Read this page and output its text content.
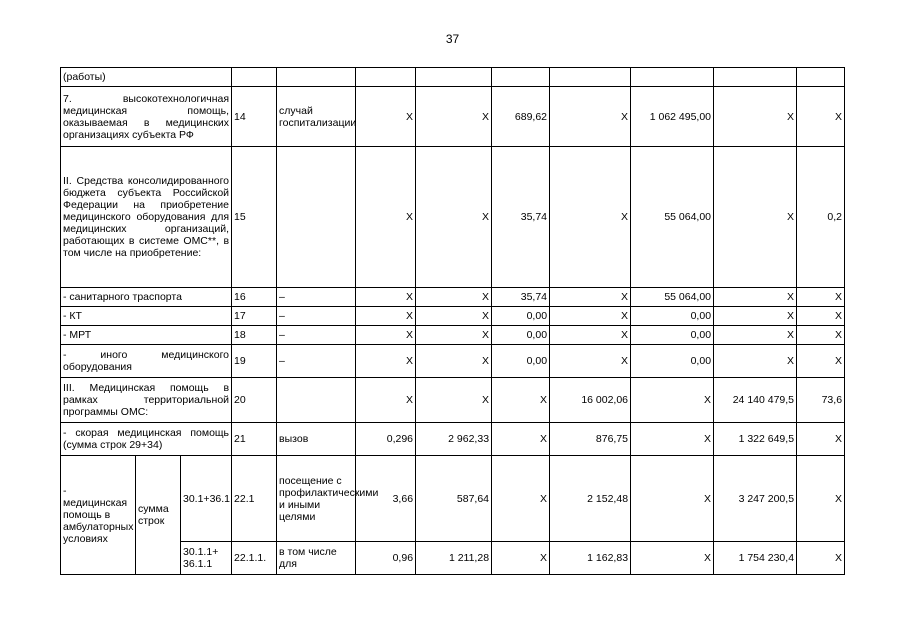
37
(работы)											
7. высокотехнологичная медицинская помощь, оказываемая в медицинских организациях субъекта РФ			14	случай госпитализации	Х	Х	689,62	Х	1 062 495,00	Х	Х
II. Средства консолидированного бюджета субъекта Российской Федерации на приобретение медицинского оборудования для медицинских организаций, работающих в системе ОМС**, в том числе на приобретение:			15		Х	Х	35,74	Х	55 064,00	Х	0,2
- санитарного траспорта			16	–	Х	Х	35,74	Х	55 064,00	Х	Х
- КТ			17	–	Х	Х	0,00	Х	0,00	Х	Х
- МРТ			18	–	Х	Х	0,00	Х	0,00	Х	Х
- иного медицинского оборудования			19	–	Х	Х	0,00	Х	0,00	Х	Х
III. Медицинская помощь в рамках территориальной программы ОМС:			20		Х	Х	Х	16 002,06	Х	24 140 479,5	73,6
- скорая медицинская помощь (сумма строк 29+34)			21	вызов	0,296	2 962,33	Х	876,75	Х	1 322 649,5	Х
- медицинская помощь в амбулаторных условиях	сумма строк	30.1+36.1	22.1	посещение с профилактическими и иными целями	3,66	587,64	Х	2 152,48	Х	3 247 200,5	Х
		30.1.1+ 36.1.1	22.1.1.	в том числе для	0,96	1 211,28	Х	1 162,83	Х	1 754 230,4	Х
